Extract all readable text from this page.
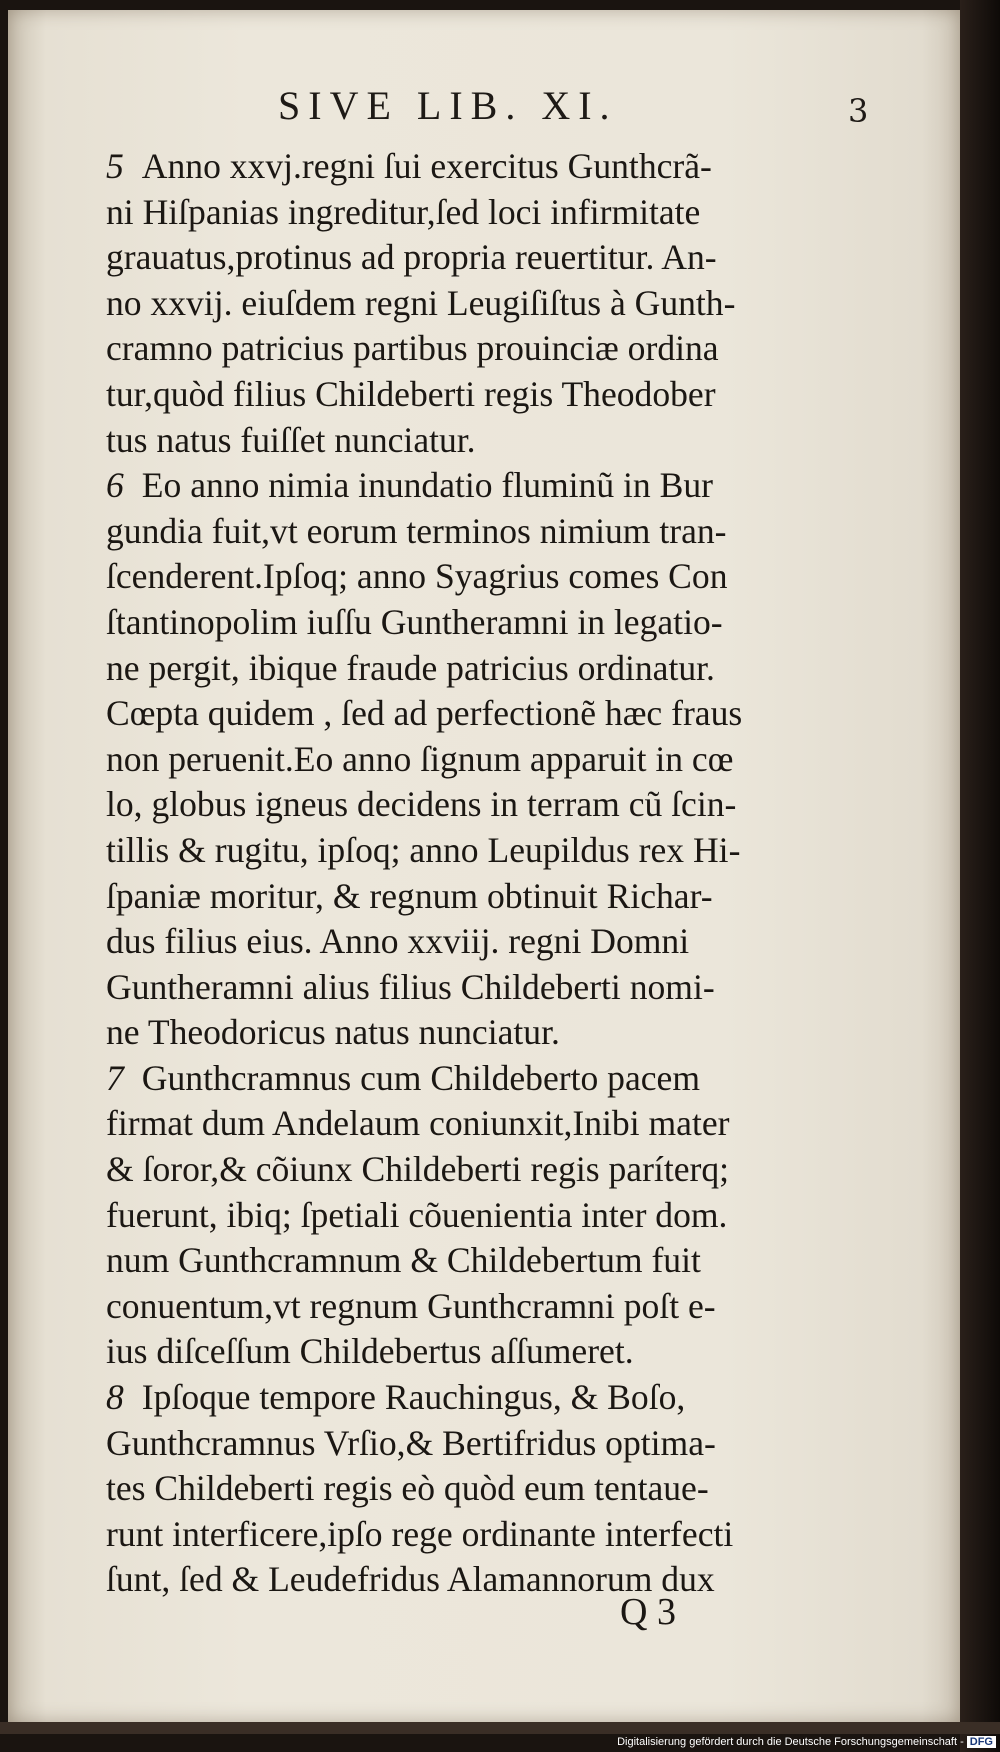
SIVE LIB. XI.	3
5 Anno xxvj.regni ſui exercitus Gunthcrã-
ni Hiſpanias ingreditur,ſed loci infirmitate
grauatus,protinus ad propria reuertitur. An-
no xxvij. eiuſdem regni Leugiſiſtus à Gunth-
cramno patricius partibus prouinciæ ordina
tur,quòd filius Childeberti regis Theodober
tus natus fuiſſet nunciatur.
6 Eo anno nimia inundatio fluminũ in Bur
gundia fuit,vt eorum terminos nimium tran-
ſcenderent.Ipſoq; anno Syagrius comes Con
ſtantinopolim iuſſu Guntheramni in legatio-
ne pergit, ibique fraude patricius ordinatur.
Cœpta quidem , ſed ad perfectionẽ hæc fraus
non peruenit.Eo anno ſignum apparuit in cœ
lo, globus igneus decidens in terram cũ ſcin-
tillis & rugitu, ipſoq; anno Leupildus rex Hi-
ſpaniæ moritur, & regnum obtinuit Richar-
dus filius eius. Anno xxviij. regni Domni
Guntheramni alius filius Childeberti nomi-
ne Theodoricus natus nunciatur.
7 Gunthcramnus cum Childeberto pacem
firmat dum Andelaum coniunxit,Inibi mater
& ſoror,& cõiunx Childeberti regis paríterq;
fuerunt, ibiq; ſpetiali cõuenientia inter dom.
num Gunthcramnum & Childebertum fuit
conuentum,vt regnum Gunthcramni poſt e-
ius diſceſſum Childebertus aſſumeret.
8 Ipſoque tempore Rauchingus, & Boſo,
Gunthcramnus Vrſio,& Bertifridus optima-
tes Childeberti regis eò quòd eum tentaue-
runt interficere,ipſo rege ordinante interfecti
ſunt, ſed & Leudefridus Alamannorum dux
Q 3
Digitalisierung gefördert durch die Deutsche Forschungsgemeinschaft - DFG
